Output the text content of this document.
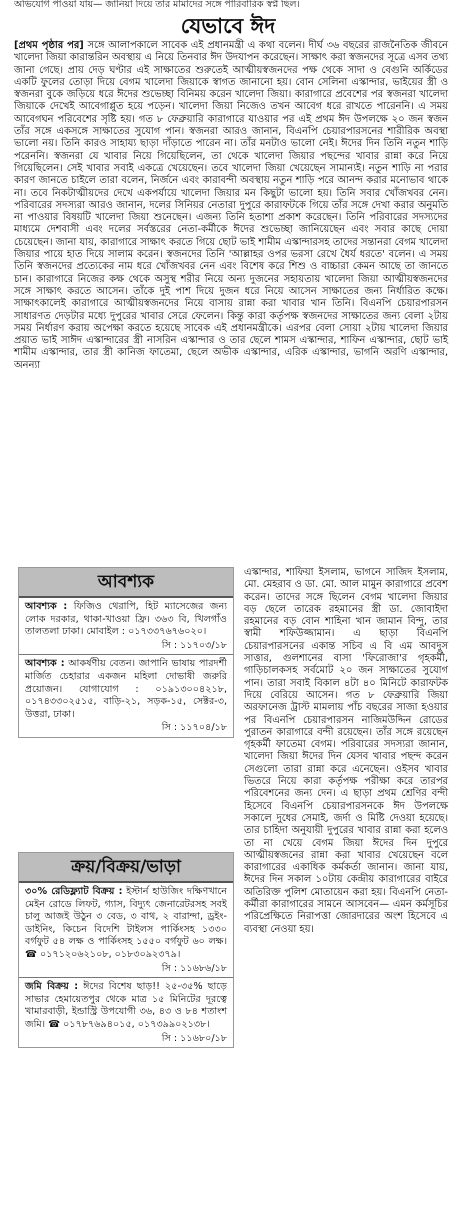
অভিযোগ পাওয়া যায়— জানিয়া দিয়ে তাঁর মামাদের সঙ্গে পারিবারিক স্বপ্ন ছিল।
যেভাবে ঈদ

[প্রথম পৃষ্ঠার পর] সঙ্গে আলাপকালে সাবেক এই প্রধানমন্ত্রী এ কথা বলেন। দীর্ঘ ৩৬ বছরের রাজনৈতিক জীবনে খালেদা জিয়া কারান্তরিন অবস্থায় এ নিয়ে তিনবার ঈদ উদযাপন করেছেন। সাক্ষাৎ করা স্বজনদের সূত্রে এসব তথ্য জানা গেছে। প্রায় দেড় ঘণ্টার এই সাক্ষাতের শুরুতেই আত্মীয়স্বজনদের পক্ষ থেকে সাদা ও বেগুনি অর্কিডের একটি ফুলের তোড়া দিয়ে বেগম খালেদা জিয়াকে স্বাগত জানানো হয়। বোন সেলিনা এস্কান্দার, ভাইয়ের স্ত্রী ও স্বজনরা বুকে জড়িয়ে ধরে ঈদের শুভেচ্ছা বিনিময় করেন খালেদা জিয়া। কারাগারে প্রবেশের পর স্বজনরা খালেদা জিয়াকে দেখেই আবেগাপ্লুত হয়ে পড়েন। খালেদা জিয়া নিজেও তখন আবেগ ধরে রাখতে পারেননি। এ সময় আবেগঘন পরিবেশের সৃষ্টি হয়। গত ৮ ফেব্রুয়ারি কারাগারে যাওয়ার পর এই প্রথম ঈদ উপলক্ষে ২০ জন স্বজন তাঁর সঙ্গে একসঙ্গে সাক্ষাতের সুযোগ পান। স্বজনরা আরও জানান, বিএনপি চেয়ারপারসনের শারীরিক অবস্থা ভালো নয়। তিনি কারও সাহায্য ছাড়া দাঁড়াতে পারেন না। তাঁর মনটাও ভালো নেই। ঈদের দিন তিনি নতুন শাড়ি পরেননি। স্বজনরা যে খাবার নিয়ে গিয়েছিলেন, তা থেকে খালেদা জিয়ার পছন্দের খাবার রান্না করে নিয়ে গিয়েছিলেন। সেই খাবার সবাই একত্রে খেয়েছেন। তবে খালেদা জিয়া খেয়েছেন সামান্যই। নতুন শাড়ি না পরার কারণ জানতে চাইলে তারা বলেন, নির্জনে এবং কারাবন্দী অবস্থায় নতুন শাড়ি পরে আনন্দ করার মনোভাব থাকে না। তবে নিকটাত্মীয়দের দেখে একপর্যায়ে খালেদা জিয়ার মন কিছুটা ভালো হয়। তিনি সবার খোঁজখবর নেন। পরিবারের সদস্যরা আরও জানান, দলের সিনিয়র নেতারা দুপুরে কারাফটকে গিয়ে তাঁর সঙ্গে দেখা করার অনুমতি না পাওয়ার বিষয়টি খালেদা জিয়া শুনেছেন। এজন্য তিনি হতাশা প্রকাশ করেছেন। তিনি পরিবারের সদস্যদের মাধ্যমে দেশবাসী এবং দলের সর্বস্তরের নেতা-কর্মীকে ঈদের শুভেচ্ছা জানিয়েছেন এবং সবার কাছে দোয়া চেয়েছেন। জানা যায়, কারাগারে সাক্ষাৎ করতে গিয়ে ছোট ভাই শামীম এস্কান্দারসহ তাদের সন্তানরা বেগম খালেদা জিয়ার পায়ে হাত দিয়ে সালাম করেন। স্বজনদের তিনি 'আল্লাহর ওপর ভরসা রেখে ধৈর্য ধরতে' বলেন। এ সময় তিনি স্বজনদের প্রত্যেকের নাম ধরে খোঁজখবর নেন এবং বিশেষ করে শিশু ও বাচ্চারা কেমন আছে তা জানতে চান। কারাগারে নিজের কক্ষ থেকে অসুস্থ শরীর নিয়ে অন্য দুজনের সহায়তায় খালেদা জিয়া আত্মীয়স্বজনদের সঙ্গে সাক্ষাৎ করতে আসেন। তাঁকে দুই পাশ দিয়ে দুজন ধরে নিয়ে আসেন সাক্ষাতের জন্য নির্ধারিত কক্ষে। সাক্ষাৎকালেই কারাগারে আত্মীয়স্বজনদের নিয়ে বাসায় রান্না করা খাবার খান তিনি। বিএনপি চেয়ারপারসন সাধারণত দেড়টার মধ্যে দুপুরের খাবার সেরে ফেলেন। কিন্তু কারা কর্তৃপক্ষ স্বজনদের সাক্ষাতের জন্য বেলা ২টায় সময় নির্ধারণ করায় অপেক্ষা করতে হয়েছে সাবেক এই প্রধানমন্ত্রীকে। এরপর বেলা সোয়া ২টায় খালেদা জিয়ার প্রয়াত ভাই সাঈদ এস্কান্দারের স্ত্রী নাসরিন এস্কান্দার ও তার ছেলে শামস এস্কান্দার, শাফিন এস্কান্দার, ছোট ভাই শামীম এস্কান্দার, তার স্ত্রী কানিজ ফাতেমা, ছেলে অভীক এস্কান্দার, এরিক এস্কান্দার, ভাগনি অরণি এস্কান্দার, অনন্যা

আবশ্যক
আবশ্যক : ফিজিও থেরাপি, হিট ম্যাসেজের জন্য লোক দরকার, থাকা-খাওয়া ফ্রি। ৩৬৩ বি, খিলগাঁও তালতলা ঢাকা। মোবাইল : ০১৭৩৩৭৬৭৬০২০।
সি : ১১৭০৩/১৮
আবশ্যক : আকর্ষণীয় বেতন। জাপানি ভাষায় পারদর্শী মার্জিত চেহারার একজন মহিলা দোভাষী জরুরি প্রয়োজন। যোগাযোগ : ০১৯১৩০০৪২১৮, ০১৭৪৩৩০২৫১৫, বাড়ি-২১, সড়ক-১৫, সেক্টর-৩, উত্তরা, ঢাকা।
সি : ১১৭০৪/১৮
ক্রয়/বিক্রয়/ভাড়া
৩০% রেডিফ্ল্যাট বিক্রয় : ইস্টার্ন হাউজিং দক্ষিণখানে মেইন রোডে লিফট, গ্যাস, বিদ্যুৎ জেনারেটরসহ সবই চালু আজই উঠুন ৩ বেড, ৩ বাথ, ২ বারান্দা, ড্রইং-ডাইনিং, কিচেন বিদেশি টাইলস পার্কিংসহ ১৩৩০ বর্গফুট ৫৪ লক্ষ ও পার্কিংসহ ১৫৫০ বর্গফুট ৬০ লক্ষ। ☎ ০১৭১২০৬২১০৮, ০১৮৩০৯২৩৭৯।
সি : ১১৬৮৬/১৮
জমি বিক্রয় : ঈদের বিশেষ ছাড়!! ২৫-৩৫% ছাড়ে সাভার হেমায়েতপুর থেকে মাত্র ১৫ মিনিটের দূরত্বে খামারবাড়ী, ইন্ডাস্ট্রি উপযোগী ৩৬, ৪৩ ও ৮৪ শতাংশ জমি। ☎ ০১৭৮৭৬৯৪০১৫, ০১৭৩৯৯০২১৩৮।
সি : ১১৬৮০/১৮

এস্কান্দার, শাফিয়া ইসলাম, ভাগনে সাজিদ ইসলাম, মো. মেহরাব ও ডা. মো. আল মামুন কারাগারে প্রবেশ করেন। তাদের সঙ্গে ছিলেন বেগম খালেদা জিয়ার বড় ছেলে তারেক রহমানের স্ত্রী ডা. জোবাইদা রহমানের বড় বোন শাহিনা খান জামান বিন্দু, তার স্বামী শফিউজ্জামান। এ ছাড়া বিএনপি চেয়ারপারসনের একান্ত সচিব এ বি এম আবদুস সাত্তার, গুলশানের বাসা 'ফিরোজা'র গৃহকর্মী, গাড়িচালকসহ সর্বমোট ২০ জন সাক্ষাতের সুযোগ পান। তারা সবাই বিকাল ৪টা ৪০ মিনিটে কারাফটক দিয়ে বেরিয়ে আসেন। গত ৮ ফেব্রুয়ারি জিয়া অরফানেজ ট্রাস্ট মামলায় পাঁচ বছরের সাজা হওয়ার পর বিএনপি চেয়ারপারসন নাজিমউদ্দিন রোডের পুরাতন কারাগারে বন্দী রয়েছেন। তাঁর সঙ্গে রয়েছেন গৃহকর্মী ফাতেমা বেগম। পরিবারের সদস্যরা জানান, খালেদা জিয়া ঈদের দিন যেসব খাবার পছন্দ করেন সেগুলো তারা রান্না করে এনেছেন। ওইসব খাবার ভিতরে নিয়ে কারা কর্তৃপক্ষ পরীক্ষা করে তারপর পরিবেশনের জন্য দেন। এ ছাড়া প্রথম শ্রেণির বন্দী হিসেবে বিএনপি চেয়ারপারসনকে ঈদ উপলক্ষে সকালে দুধের সেমাই, জর্দা ও মিষ্টি দেওয়া হয়েছে। তার চাহিদা অনুযায়ী দুপুরের খাবার রান্না করা হলেও তা না খেয়ে বেগম জিয়া ঈদের দিন দুপুরে আত্মীয়স্বজনের রান্না করা খাবার খেয়েছেন বলে কারাগারের একাধিক কর্মকর্তা জানান। জানা যায়, ঈদের দিন সকাল ১০টায় কেন্দ্রীয় কারাগারের বাইরে অতিরিক্ত পুলিশ মোতায়েন করা হয়। বিএনপি নেতা-কর্মীরা কারাগারের সামনে আসবেন— এমন কর্মসূচির পরিপ্রেক্ষিতে নিরাপত্তা জোরদারের অংশ হিসেবে এ ব্যবস্থা নেওয়া হয়।
